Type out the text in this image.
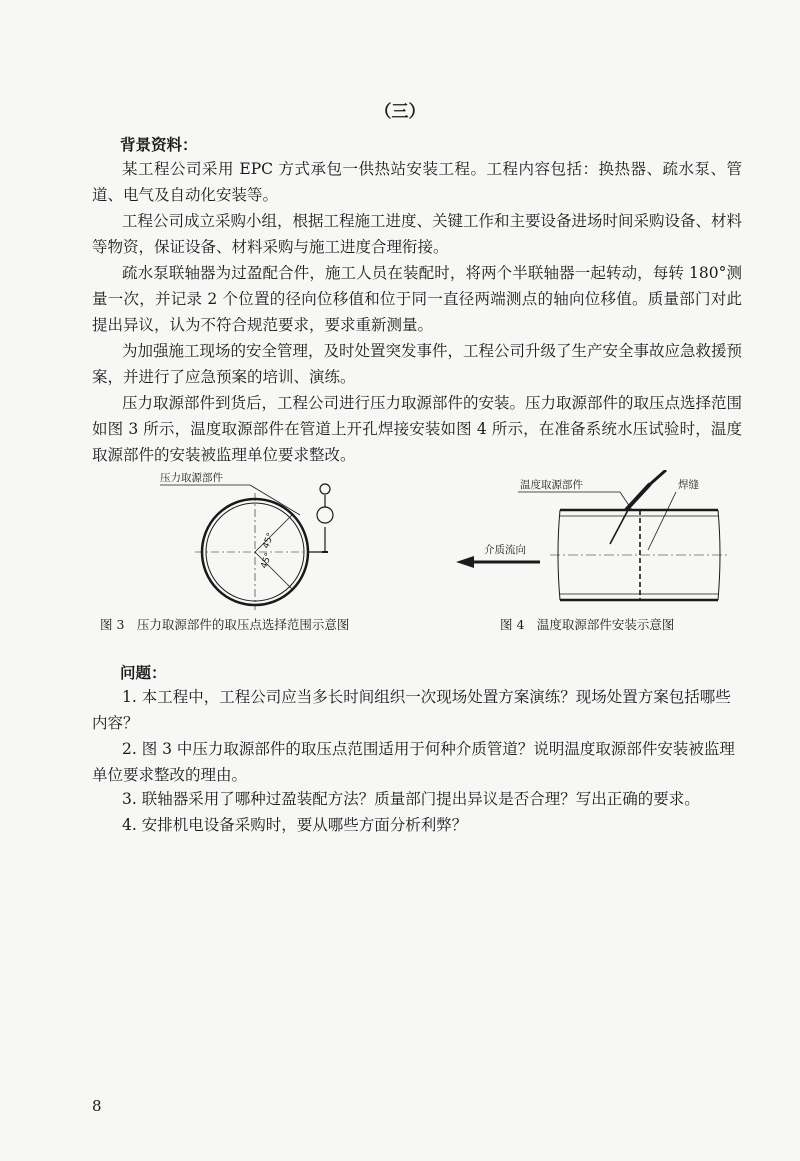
（三）
背景资料：

某工程公司采用 EPC 方式承包一供热站安装工程。工程内容包括：换热器、疏水泵、管道、电气及自动化安装等。

工程公司成立采购小组，根据工程施工进度、关键工作和主要设备进场时间采购设备、材料等物资，保证设备、材料采购与施工进度合理衔接。

疏水泵联轴器为过盈配合件，施工人员在装配时，将两个半联轴器一起转动，每转 180°测量一次，并记录 2 个位置的径向位移值和位于同一直径两端测点的轴向位移值。质量部门对此提出异议，认为不符合规范要求，要求重新测量。

为加强施工现场的安全管理，及时处置突发事件，工程公司升级了生产安全事故应急救援预案，并进行了应急预案的培训、演练。

压力取源部件到货后，工程公司进行压力取源部件的安装。压力取源部件的取压点选择范围如图 3 所示，温度取源部件在管道上开孔焊接安装如图 4 所示，在准备系统水压试验时，温度取源部件的安装被监理单位要求整改。

压力取源部件
45°
45°
图 3　压力取源部件的取压点选择范围示意图
温度取源部件	焊缝
介质流向
图 4　温度取源部件安装示意图
问题：

1. 本工程中，工程公司应当多长时间组织一次现场处置方案演练？现场处置方案包括哪些内容？

2. 图 3 中压力取源部件的取压点范围适用于何种介质管道？说明温度取源部件安装被监理单位要求整改的理由。

3. 联轴器采用了哪种过盈装配方法？质量部门提出异议是否合理？写出正确的要求。

4. 安排机电设备采购时，要从哪些方面分析利弊？

8
